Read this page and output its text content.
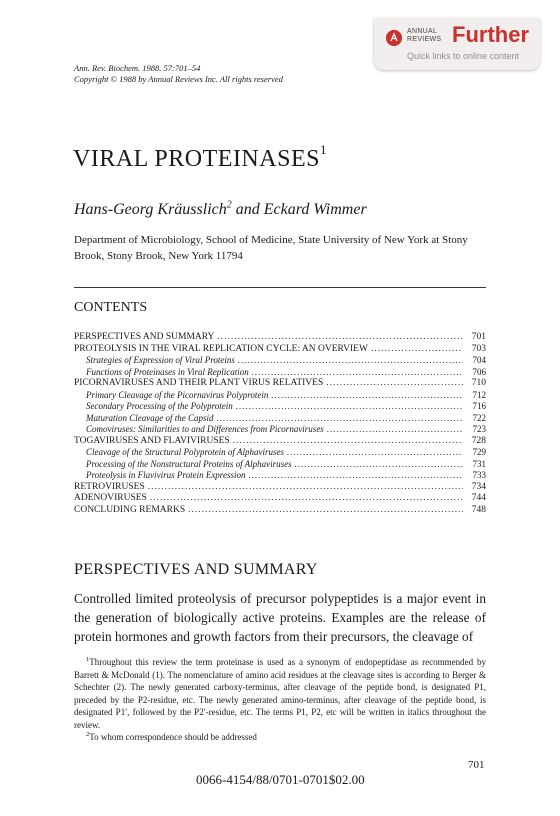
ANNUAL
REVIEWS Further
Quick links to online content
Ann. Rev. Biochem. 1988. 57:701–54
Copyright © 1988 by Annual Reviews Inc. All rights reserved
VIRAL PROTEINASES$^1$
Hans-Georg Kräusslich$^2$ and Eckard Wimmer
Department of Microbiology, School of Medicine, State University of New York at Stony Brook, Stony Brook, New York 11794
CONTENTS
PERSPECTIVES AND SUMMARY .....	701
PROTEOLYSIS IN THE VIRAL REPLICATION CYCLE: AN OVERVIEW .....	703
Strategies of Expression of Viral Proteins .....	704
Functions of Proteinases in Viral Replication .....	706
PICORNAVIRUSES AND THEIR PLANT VIRUS RELATIVES .....	710
Primary Cleavage of the Picornavirus Polyprotein .....	712
Secondary Processing of the Polyprotein .....	716
Maturation Cleavage of the Capsid .....	722
Comoviruses: Similarities to and Differences from Picornaviruses .....	723
TOGAVIRUSES AND FLAVIVIRUSES .....	728
Cleavage of the Structural Polyprotein of Alphaviruses .....	729
Processing of the Nonstructural Proteins of Alphaviruses .....	731
Proteolysis in Flavivirus Protein Expression .....	733
RETROVIRUSES .....	734
ADENOVIRUSES .....	744
CONCLUDING REMARKS .....	748
PERSPECTIVES AND SUMMARY
Controlled limited proteolysis of precursor polypeptides is a major event in the generation of biologically active proteins. Examples are the release of protein hormones and growth factors from their precursors, the cleavage of

$^1$Throughout this review the term proteinase is used as a synonym of endopeptidase as recommended by Barrett & McDonald (1). The nomenclature of amino acid residues at the cleavage sites is according to Berger & Schechter (2). The newly generated carboxy-terminus, after cleavage of the peptide bond, is designated P1, preceded by the P2-residue, etc. The newly generated amino-terminus, after cleavage of the peptide bond, is designated P1′, followed by the P2′-residue, etc. The terms P1, P2, etc will be written in italics throughout the review.

$^2$To whom correspondence should be addressed

701
0066-4154/88/0701-0701$02.00
